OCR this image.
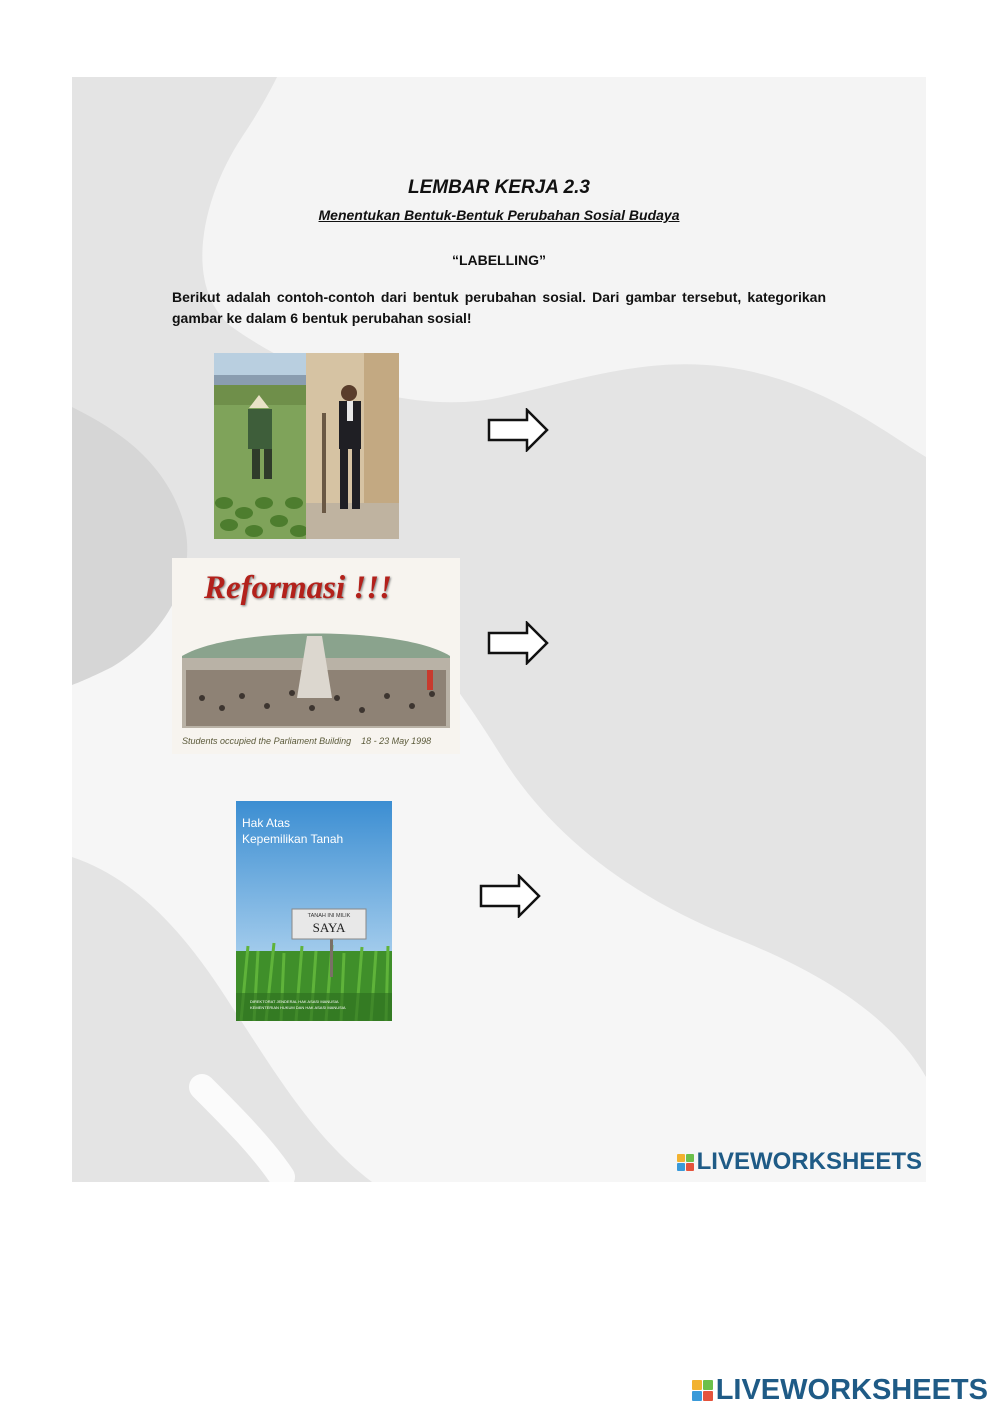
LEMBAR KERJA 2.3
Menentukan Bentuk-Bentuk Perubahan Sosial Budaya
“LABELLING”
Berikut adalah contoh-contoh dari bentuk perubahan sosial. Dari gambar tersebut, kategorikan gambar ke dalam 6 bentuk perubahan sosial!
Reformasi !!!
Students occupied the Parliament Building    18 - 23 May 1998
Hak Atas
Kepemilikan Tanah
TANAH INI MILIK
SAYA
DIREKTORAT JENDERAL HAK ASASI MANUSIA
KEMENTERIAN HUKUM DAN HAK ASASI MANUSIA
LIVEWORKSHEETS
LIVEWORKSHEETS
